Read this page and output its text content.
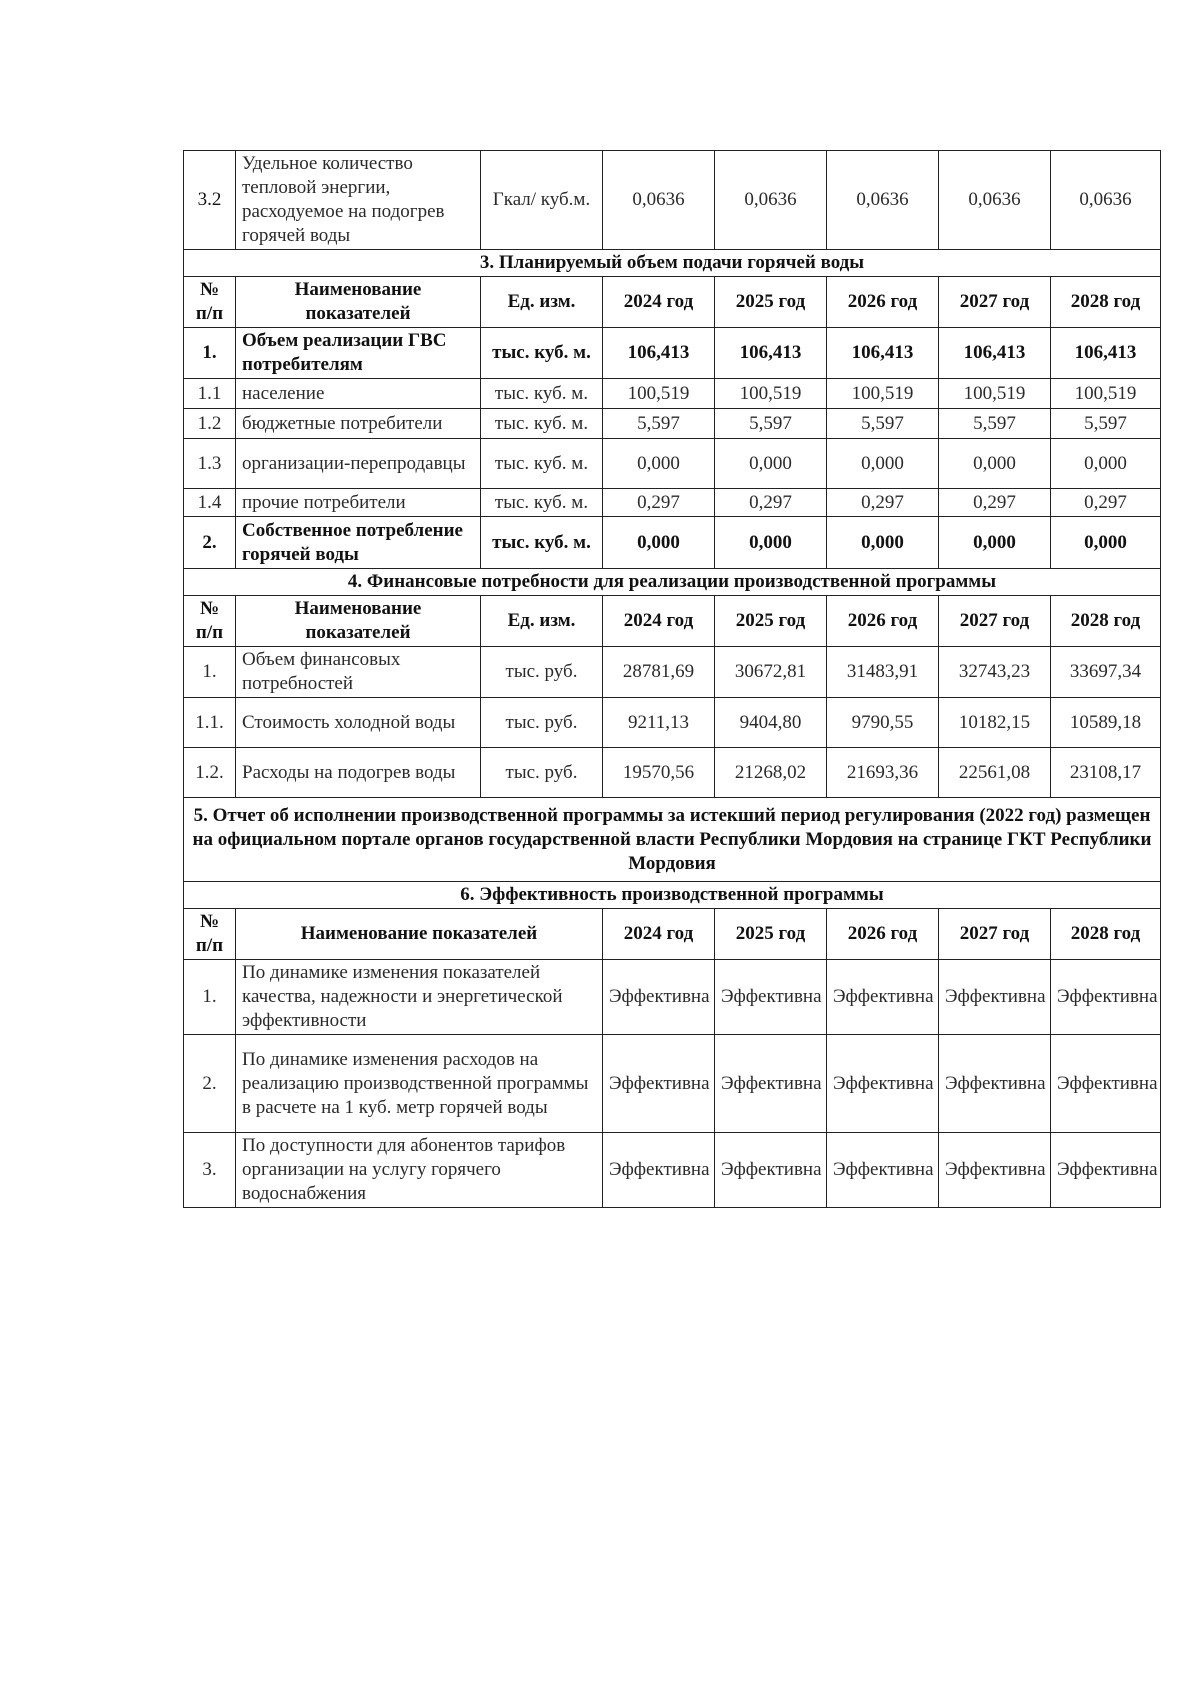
3.2	Удельное количество тепловой энергии, расходуемое на подогрев горячей воды	Гкал/ куб.м.	0,0636	0,0636	0,0636	0,0636	0,0636
3. Планируемый объем подачи горячей воды							
№ п/п	Наименование показателей	Ед. изм.	2024 год	2025 год	2026 год	2027 год	2028 год
1.	Объем реализации ГВС потребителям	тыс. куб. м.	106,413	106,413	106,413	106,413	106,413
1.1	население	тыс. куб. м.	100,519	100,519	100,519	100,519	100,519
1.2	бюджетные потребители	тыс. куб. м.	5,597	5,597	5,597	5,597	5,597
1.3	организации-перепродавцы	тыс. куб. м.	0,000	0,000	0,000	0,000	0,000
1.4	прочие потребители	тыс. куб. м.	0,297	0,297	0,297	0,297	0,297
2.	Собственное потребление горячей воды	тыс. куб. м.	0,000	0,000	0,000	0,000	0,000
4. Финансовые потребности для реализации производственной программы							
№ п/п	Наименование показателей	Ед. изм.	2024 год	2025 год	2026 год	2027 год	2028 год
1.	Объем финансовых потребностей	тыс. руб.	28781,69	30672,81	31483,91	32743,23	33697,34
1.1.	Стоимость холодной воды	тыс. руб.	9211,13	9404,80	9790,55	10182,15	10589,18
1.2.	Расходы на подогрев воды	тыс. руб.	19570,56	21268,02	21693,36	22561,08	23108,17
5. Отчет об исполнении производственной программы за истекший период регулирования (2022 год) размещен на официальном портале органов государственной власти Республики Мордовия на странице ГКТ Республики Мордовия							
6. Эффективность производственной программы							
№ п/п	Наименование показателей		2024 год	2025 год	2026 год	2027 год	2028 год
1.	По динамике изменения показателей качества, надежности и энергетической эффективности		Эффективна	Эффективна	Эффективна	Эффективна	Эффективна
2.	По динамике изменения расходов на реализацию производственной программы в расчете на 1 куб. метр горячей воды		Эффективна	Эффективна	Эффективна	Эффективна	Эффективна
3.	По доступности для абонентов тарифов организации на услугу горячего водоснабжения		Эффективна	Эффективна	Эффективна	Эффективна	Эффективна
